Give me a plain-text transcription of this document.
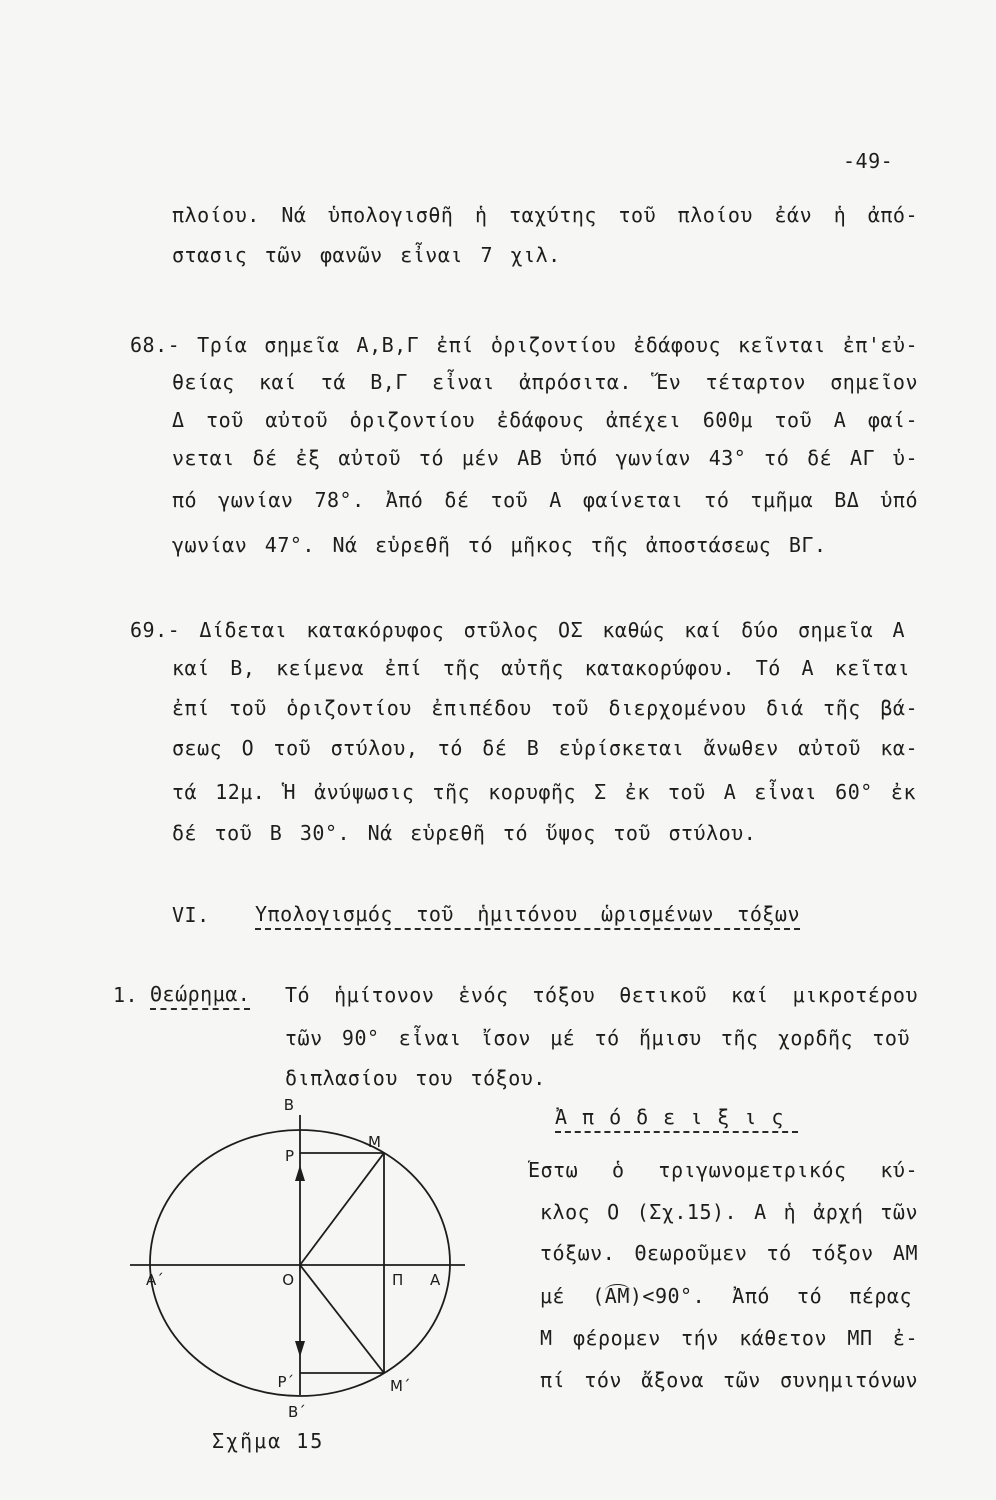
-49-
πλοίου. Νά ὑπολογισθῆ ἡ ταχύτης τοῦ πλοίου ἐάν ἡ ἀπό-
στασις τῶν φανῶν εἶναι 7 χιλ.
68.- Τρία σημεῖα Α,Β,Γ ἐπί ὁριζοντίου ἐδάφους κεῖνται ἐπ'εὐ-
θείας καί τά Β,Γ εἶναι ἀπρόσιτα. Ἕν τέταρτον σημεῖον
Δ τοῦ αὐτοῦ ὁριζοντίου ἐδάφους ἀπέχει 600μ τοῦ Α φαί-
νεται δέ ἐξ αὐτοῦ τό μέν ΑΒ ὑπό γωνίαν 43° τό δέ ΑΓ ὑ-
πό γωνίαν 78°. Ἀπό δέ τοῦ Α φαίνεται τό τμῆμα ΒΔ ὑπό
γωνίαν 47°. Νά εὑρεθῆ τό μῆκος τῆς ἀποστάσεως ΒΓ.
69.- Δίδεται κατακόρυφος στῦλος ΟΣ καθώς καί δύο σημεῖα Α
καί Β, κείμενα ἐπί τῆς αὐτῆς κατακορύφου. Τό Α κεῖται
ἐπί τοῦ ὁριζοντίου ἐπιπέδου τοῦ διερχομένου διά τῆς βά-
σεως Ο τοῦ στύλου, τό δέ Β εὑρίσκεται ἄνωθεν αὐτοῦ κα-
τά 12μ. Ἡ ἀνύψωσις τῆς κορυφῆς Σ ἐκ τοῦ Α εἶναι 60° ἐκ
δέ τοῦ Β 30°. Νά εὑρεθῆ τό ὕψος τοῦ στύλου.
VI. Ὑπολογισμός τοῦ ἡμιτόνου ὡρισμένων τόξων
1. Θεώρημα. Τό ἡμίτονον ἑνός τόξου θετικοῦ καί μικροτέρου
τῶν 90° εἶναι ἴσον μέ τό ἥμισυ τῆς χορδῆς τοῦ
διπλασίου του τόξου.
Ἀπόδειξις
Ἔστω ὁ τριγωνομετρικός κύ-
κλος Ο (Σχ.15). Α ἡ ἀρχή τῶν
τόξων. Θεωροῦμεν τό τόξον ΑΜ
μέ (ΑΜ)<90°. Ἀπό τό πέρας
Μ φέρομεν τήν κάθετον ΜΠ ἐ-
πί τόν ἄξονα τῶν συνημιτόνων
Β
Ρ
Μ
Α΄	Ο	Π Α
Ρ΄	Μ΄
Β΄
Σχῆμα 15
